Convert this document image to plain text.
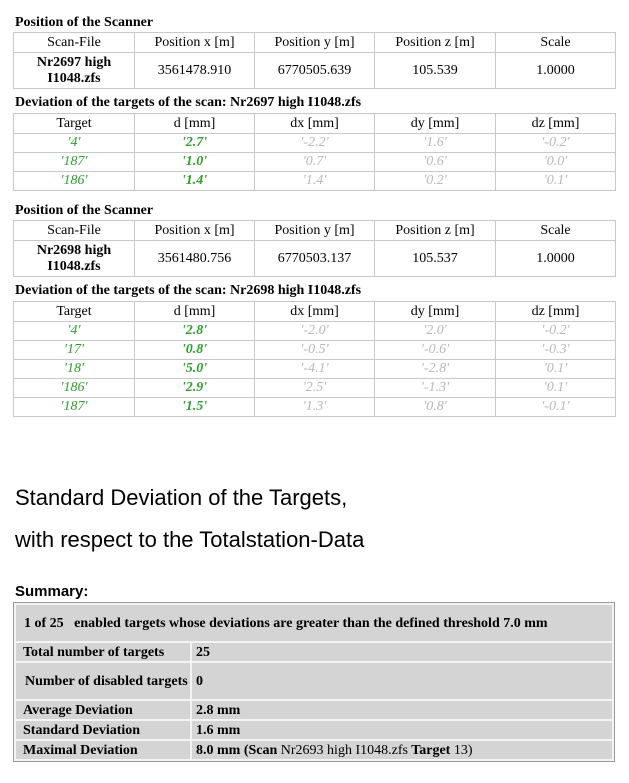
Position of the Scanner
Scan-File	Position x [m]	Position y [m]	Position z [m]	Scale
Nr2697 high
I1048.zfs	3561478.910	6770505.639	105.539	1.0000
Deviation of the targets of the scan: Nr2697 high I1048.zfs
Target	d [mm]	dx [mm]	dy [mm]	dz [mm]
'4'	'2.7'	'-2.2'	'1.6'	'-0.2'
'187'	'1.0'	'0.7'	'0.6'	'0.0'
'186'	'1.4'	'1.4'	'0.2'	'0.1'
Position of the Scanner
Scan-File	Position x [m]	Position y [m]	Position z [m]	Scale
Nr2698 high
I1048.zfs	3561480.756	6770503.137	105.537	1.0000
Deviation of the targets of the scan: Nr2698 high I1048.zfs
Target	d [mm]	dx [mm]	dy [mm]	dz [mm]
'4'	'2.8'	'-2.0'	'2.0'	'-0.2'
'17'	'0.8'	'-0.5'	'-0.6'	'-0.3'
'18'	'5.0'	'-4.1'	'-2.8'	'0.1'
'186'	'2.9'	'2.5'	'-1.3'	'0.1'
'187'	'1.5'	'1.3'	'0.8'	'-0.1'
Standard Deviation of the Targets,
with respect to the Totalstation-Data
Summary:
1 of 25 enabled targets whose deviations are greater than the defined threshold 7.0 mm	
Total number of targets	25
Number of disabled targets	0
Average Deviation	2.8 mm
Standard Deviation	1.6 mm
Maximal Deviation	8.0 mm (Scan Nr2693 high I1048.zfs Target 13)
